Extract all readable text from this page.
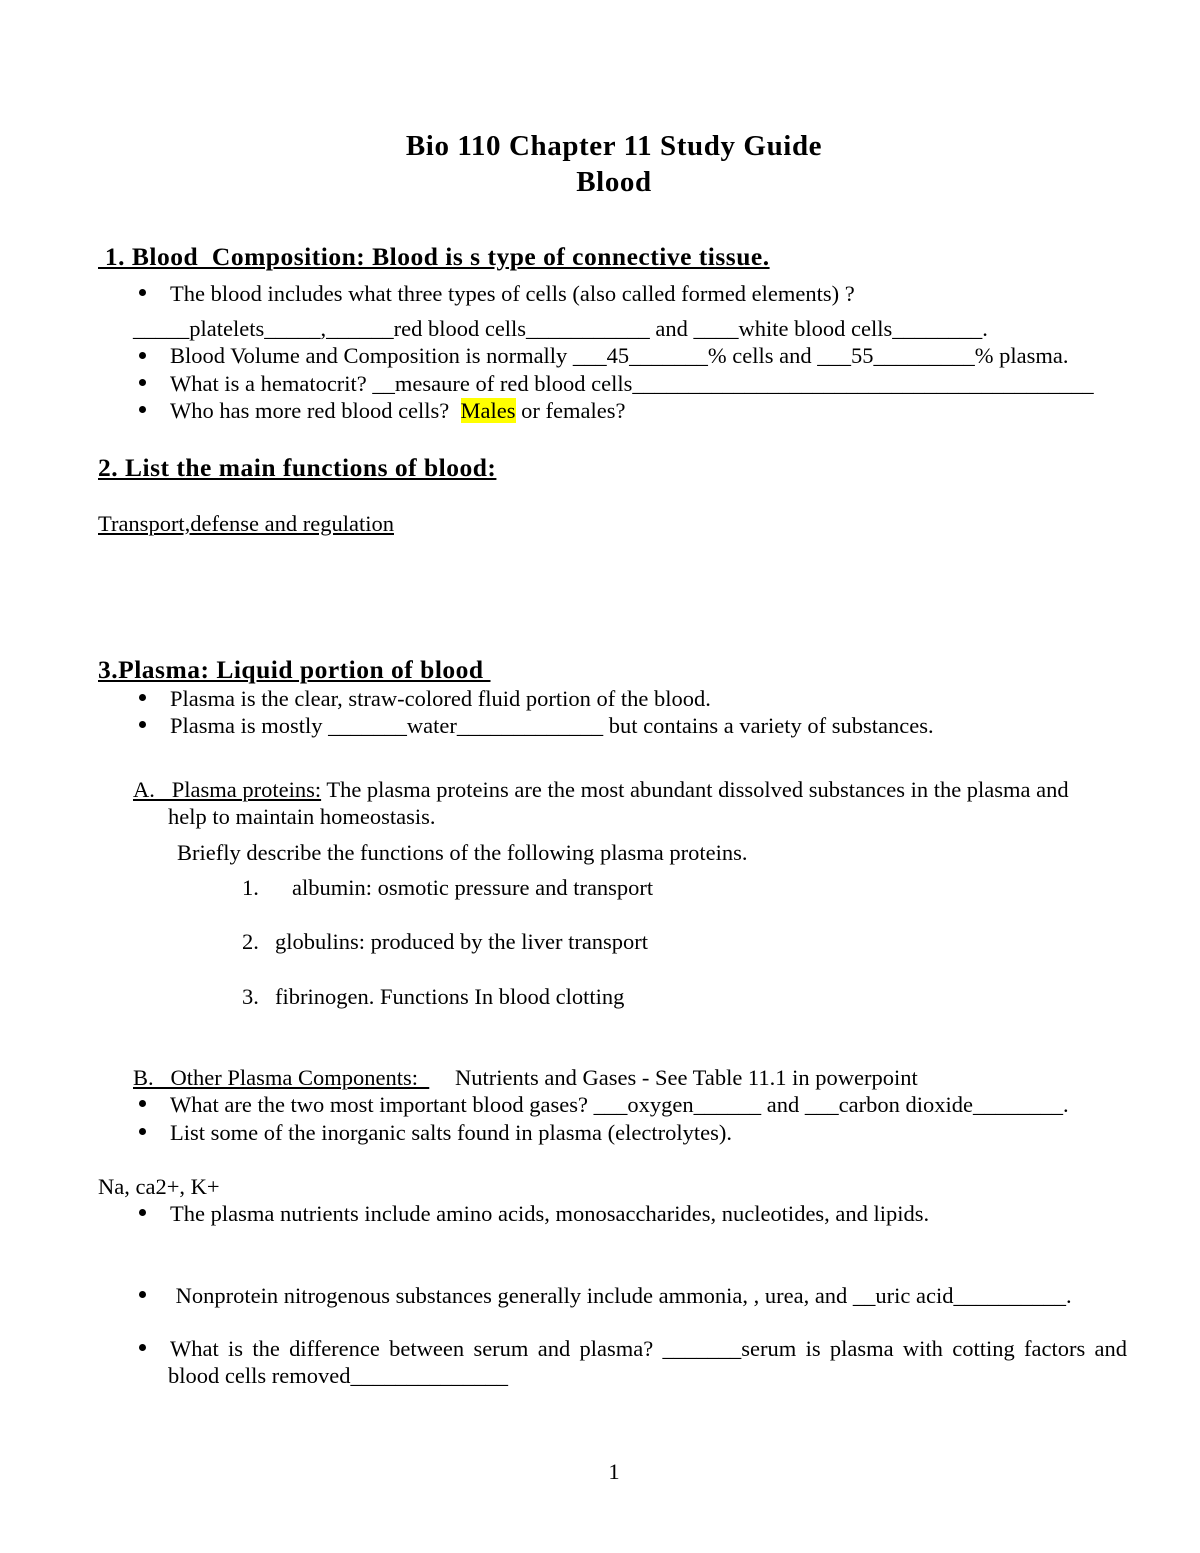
Bio 110 Chapter 11 Study Guide
Blood
1. Blood  Composition: Blood is s type of connective tissue.
The blood includes what three types of cells (also called formed elements) ?
_____platelets_____,______red blood cells___________ and ____white blood cells________.
Blood Volume and Composition is normally ___45_______% cells and ___55_________% plasma.
What is a hematocrit? __mesaure of red blood cells_________________________________________
Who has more red blood cells?  Males or females?
2. List the main functions of blood:
Transport,defense and regulation
3.Plasma: Liquid portion of blood
Plasma is the clear, straw-colored fluid portion of the blood.
Plasma is mostly _______water_____________ but contains a variety of substances.
A.   Plasma proteins: The plasma proteins are the most abundant dissolved substances in the plasma and
help to maintain homeostasis.
Briefly describe the functions of the following plasma proteins.
1. albumin: osmotic pressure and transport
2. globulins: produced by the liver transport
3. fibrinogen. Functions In blood clotting
B.   Other Plasma Components: Nutrients and Gases - See Table 11.1 in powerpoint
What are the two most important blood gases? ___oxygen______ and ___carbon dioxide________.
List some of the inorganic salts found in plasma (electrolytes).
Na, ca2+, K+
The plasma nutrients include amino acids, monosaccharides, nucleotides, and lipids.
Nonprotein nitrogenous substances generally include ammonia, , urea, and __uric acid__________.
What is the difference between serum and plasma? _______serum is plasma with cotting factors and
blood cells removed______________
1
